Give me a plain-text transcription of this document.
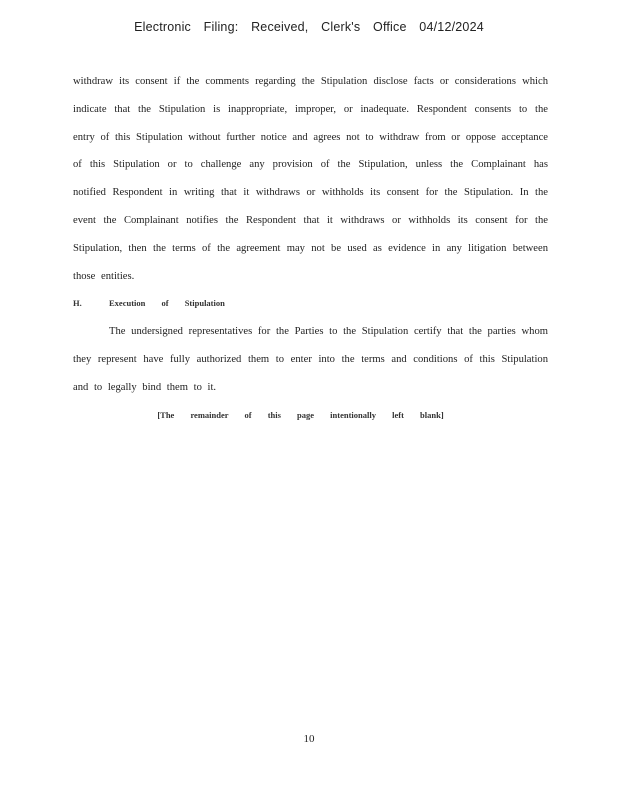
Electronic Filing: Received, Clerk's Office 04/12/2024

withdraw its consent if the comments regarding the Stipulation disclose facts or considerations which indicate that the Stipulation is inappropriate, improper, or inadequate. Respondent consents to the entry of this Stipulation without further notice and agrees not to withdraw from or oppose acceptance of this Stipulation or to challenge any provision of the Stipulation, unless the Complainant has notified Respondent in writing that it withdraws or withholds its consent for the Stipulation. In the event the Complainant notifies the Respondent that it withdraws or withholds its consent for the Stipulation, then the terms of the agreement may not be used as evidence in any litigation between those entities.

H.	Execution of Stipulation

The undersigned representatives for the Parties to the Stipulation certify that the parties whom they represent have fully authorized them to enter into the terms and conditions of this Stipulation and to legally bind them to it.

[The remainder of this page intentionally left blank]

10
